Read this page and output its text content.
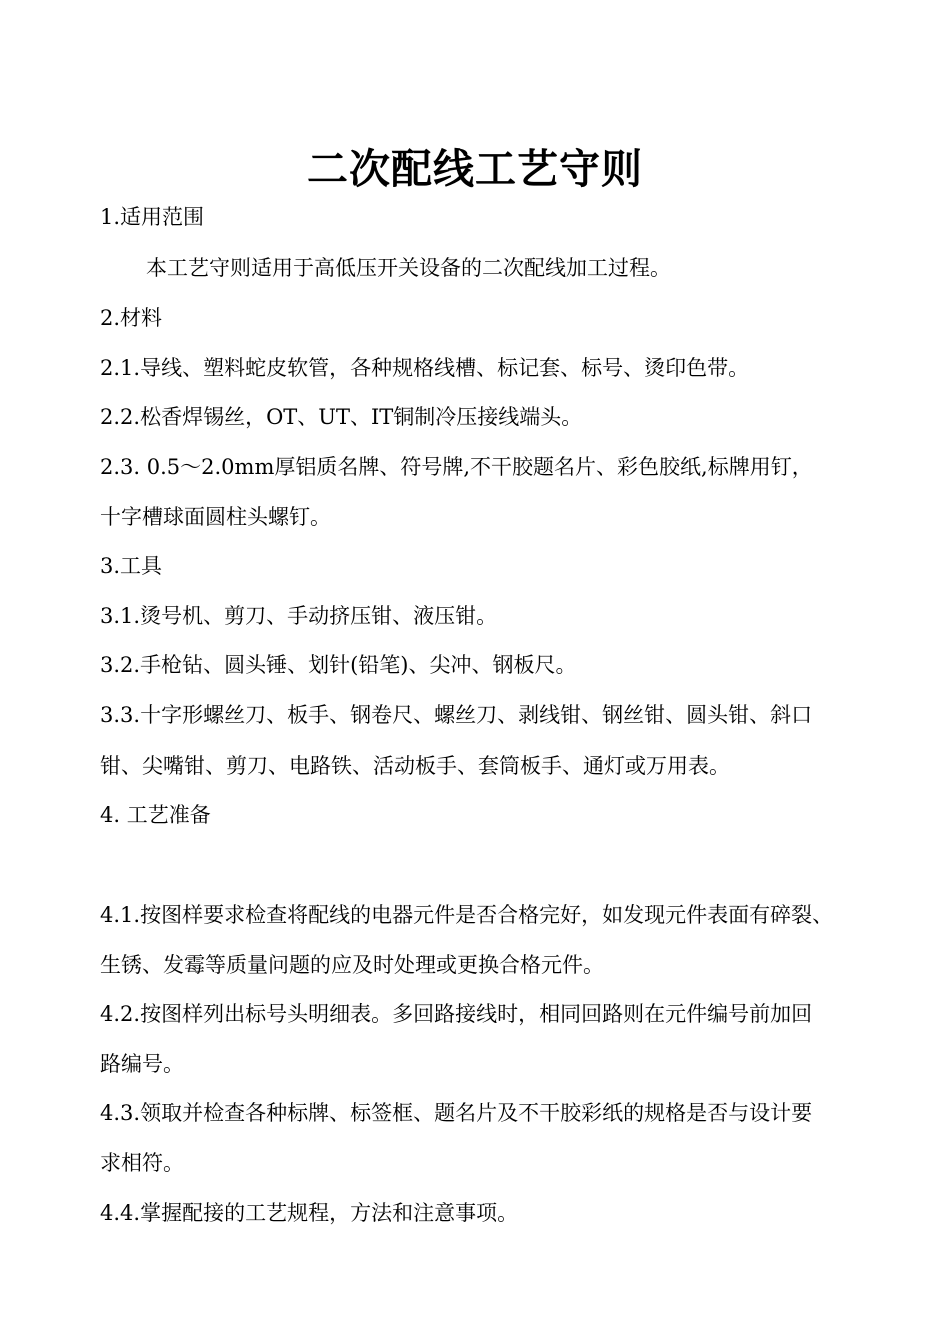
二次配线工艺守则
1.适用范围
本工艺守则适用于高低压开关设备的二次配线加工过程。
2.材料
2.1.导线、塑料蛇皮软管，各种规格线槽、标记套、标号、烫印色带。
2.2.松香焊锡丝，OT、UT、IT铜制冷压接线端头。
2.3. 0.5～2.0mm厚铝质名牌、符号牌,不干胶题名片、彩色胶纸,标牌用钉，
十字槽球面圆柱头螺钉。
3.工具
3.1.烫号机、剪刀、手动挤压钳、液压钳。
3.2.手枪钻、圆头锤、划针(铅笔)、尖冲、钢板尺。
3.3.十字形螺丝刀、板手、钢卷尺、螺丝刀、剥线钳、钢丝钳、圆头钳、斜口
钳、尖嘴钳、剪刀、电路铁、活动板手、套筒板手、通灯或万用表。
4. 工艺准备
4.1.按图样要求检查将配线的电器元件是否合格完好，如发现元件表面有碎裂、
生锈、发霉等质量问题的应及时处理或更换合格元件。
4.2.按图样列出标号头明细表。多回路接线时，相同回路则在元件编号前加回
路编号。
4.3.领取并检查各种标牌、标签框、题名片及不干胶彩纸的规格是否与设计要
求相符。
4.4.掌握配接的工艺规程，方法和注意事项。
